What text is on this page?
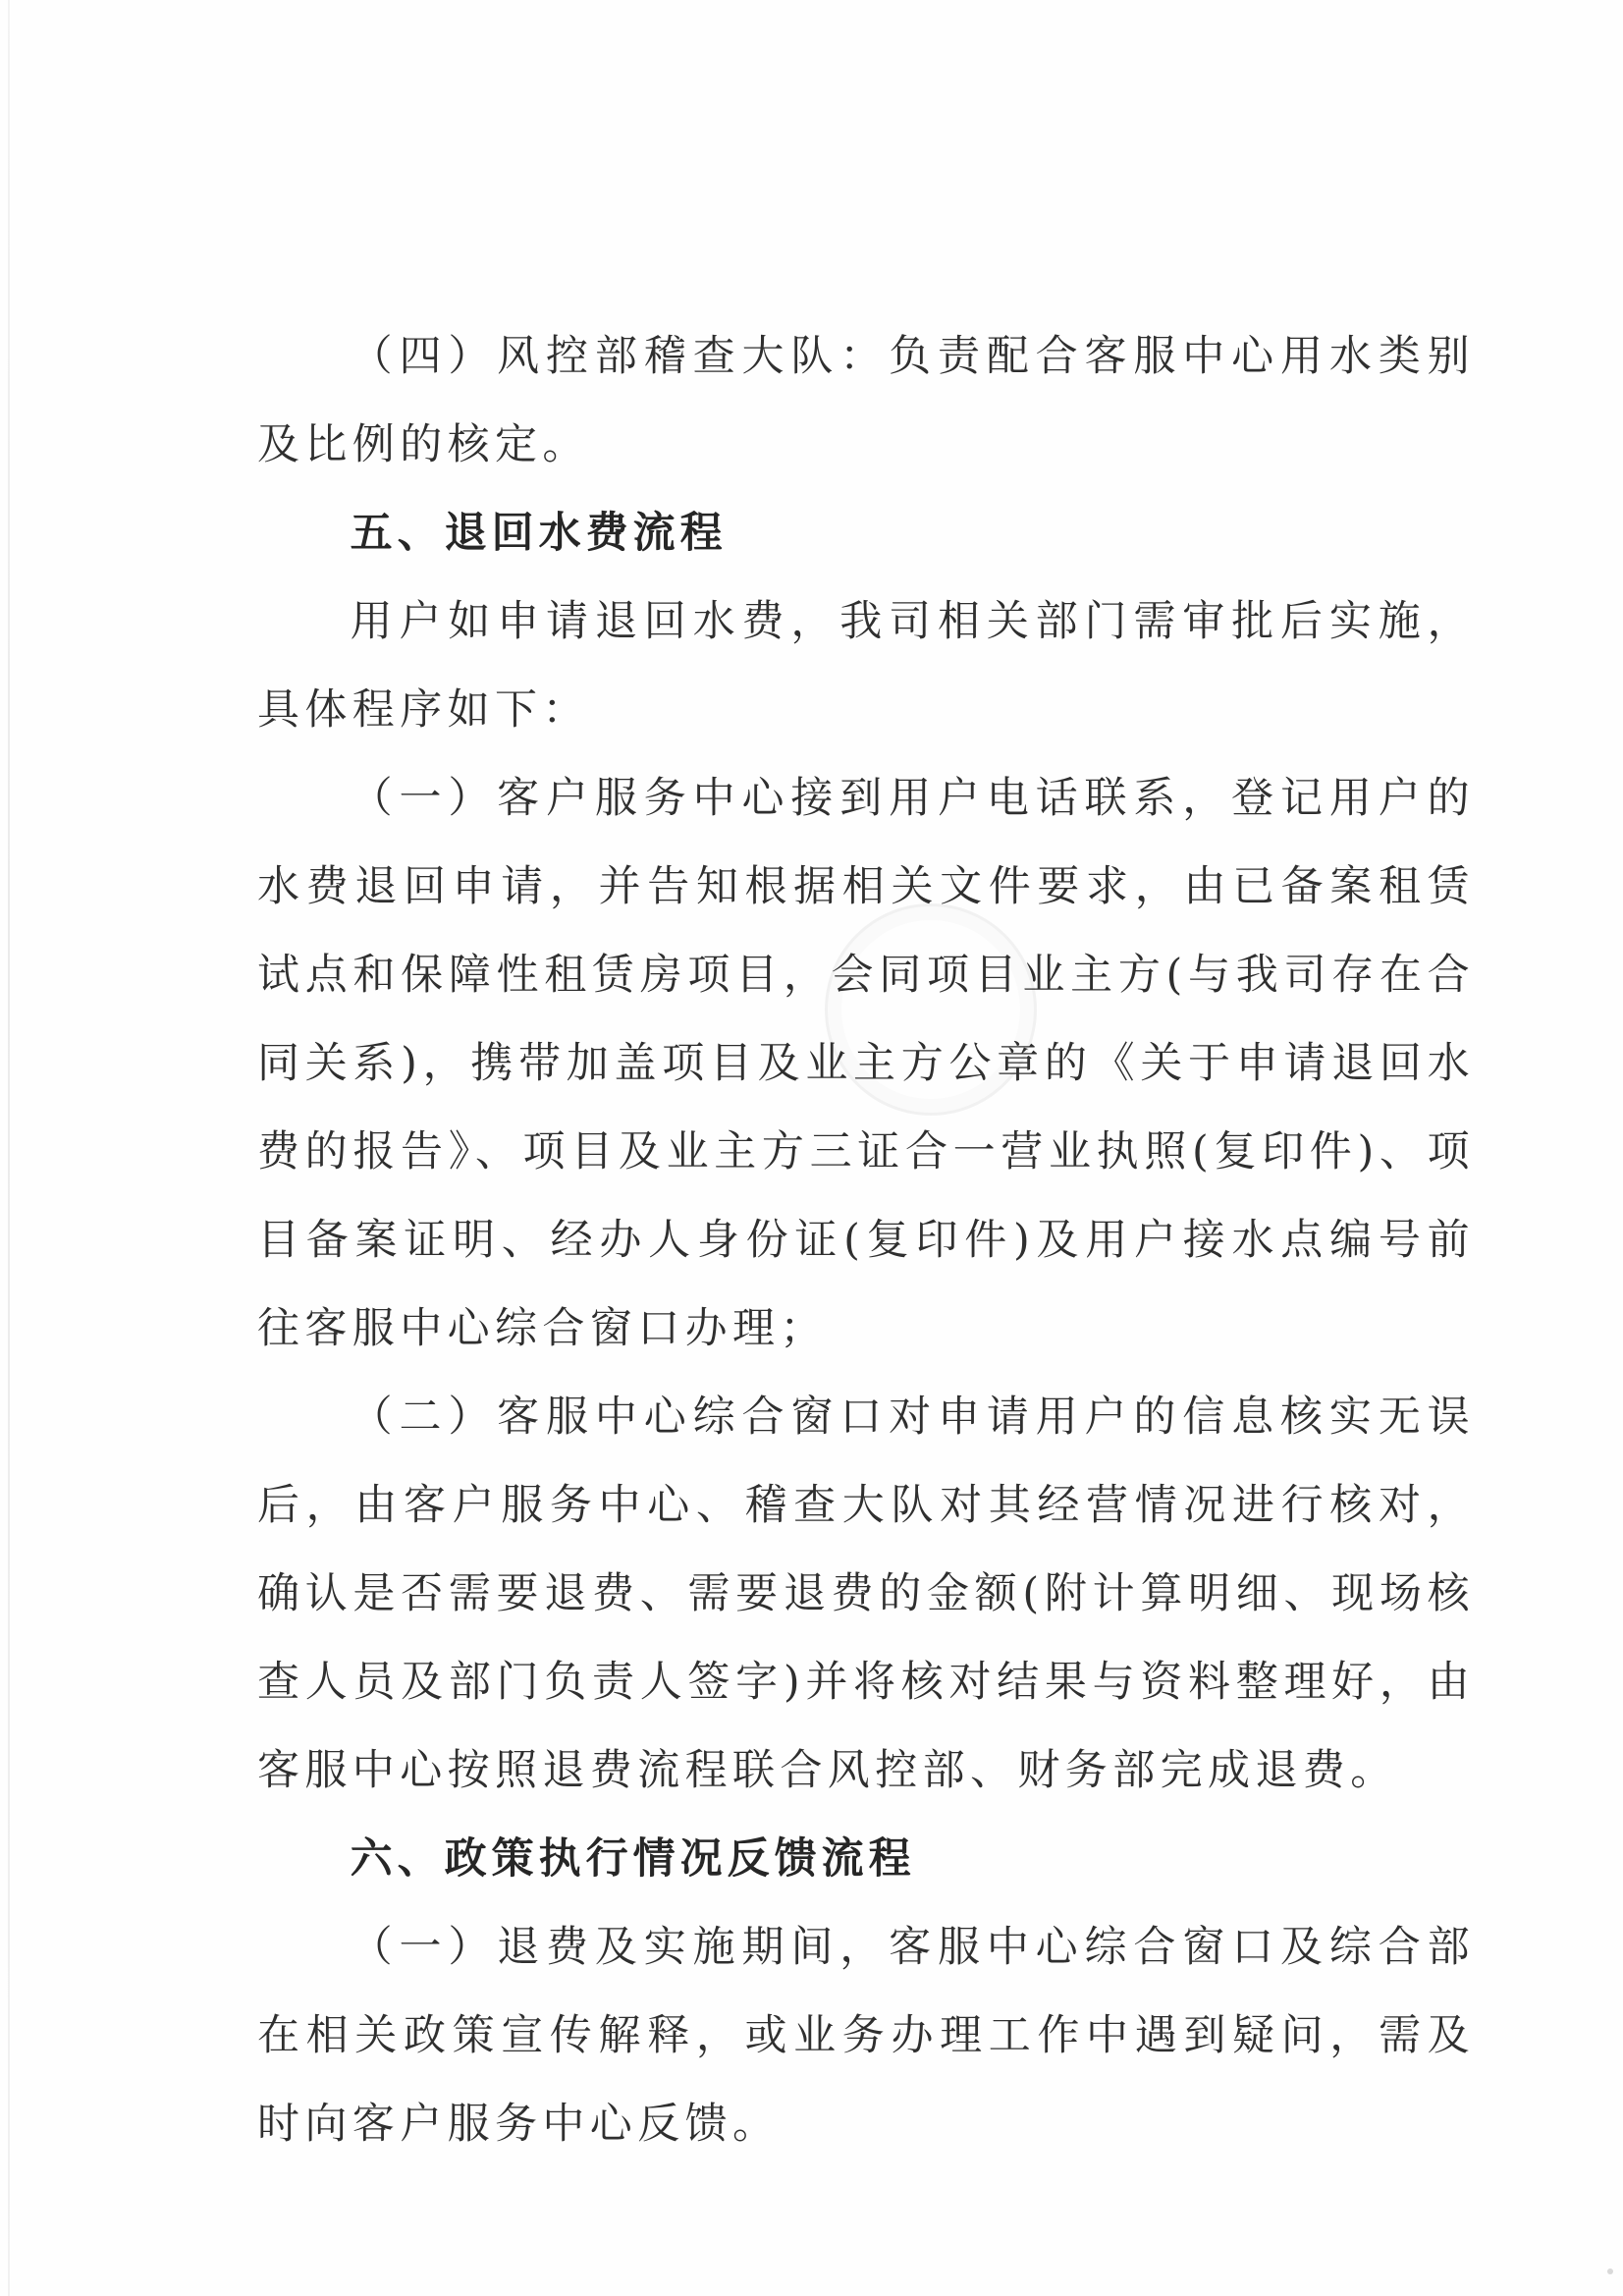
（四）风控部稽查大队：负责配合客服中心用水类别及比例的核定。

五、退回水费流程

用户如申请退回水费，我司相关部门需审批后实施，具体程序如下：

（一）客户服务中心接到用户电话联系，登记用户的水费退回申请，并告知根据相关文件要求，由已备案租赁试点和保障性租赁房项目，会同项目业主方(与我司存在合同关系)，携带加盖项目及业主方公章的《关于申请退回水费的报告》、项目及业主方三证合一营业执照(复印件)、项目备案证明、经办人身份证(复印件)及用户接水点编号前往客服中心综合窗口办理；

（二）客服中心综合窗口对申请用户的信息核实无误后，由客户服务中心、稽查大队对其经营情况进行核对，确认是否需要退费、需要退费的金额(附计算明细、现场核查人员及部门负责人签字)并将核对结果与资料整理好，由客服中心按照退费流程联合风控部、财务部完成退费。

六、政策执行情况反馈流程

（一）退费及实施期间，客服中心综合窗口及综合部在相关政策宣传解释，或业务办理工作中遇到疑问，需及时向客户服务中心反馈。
